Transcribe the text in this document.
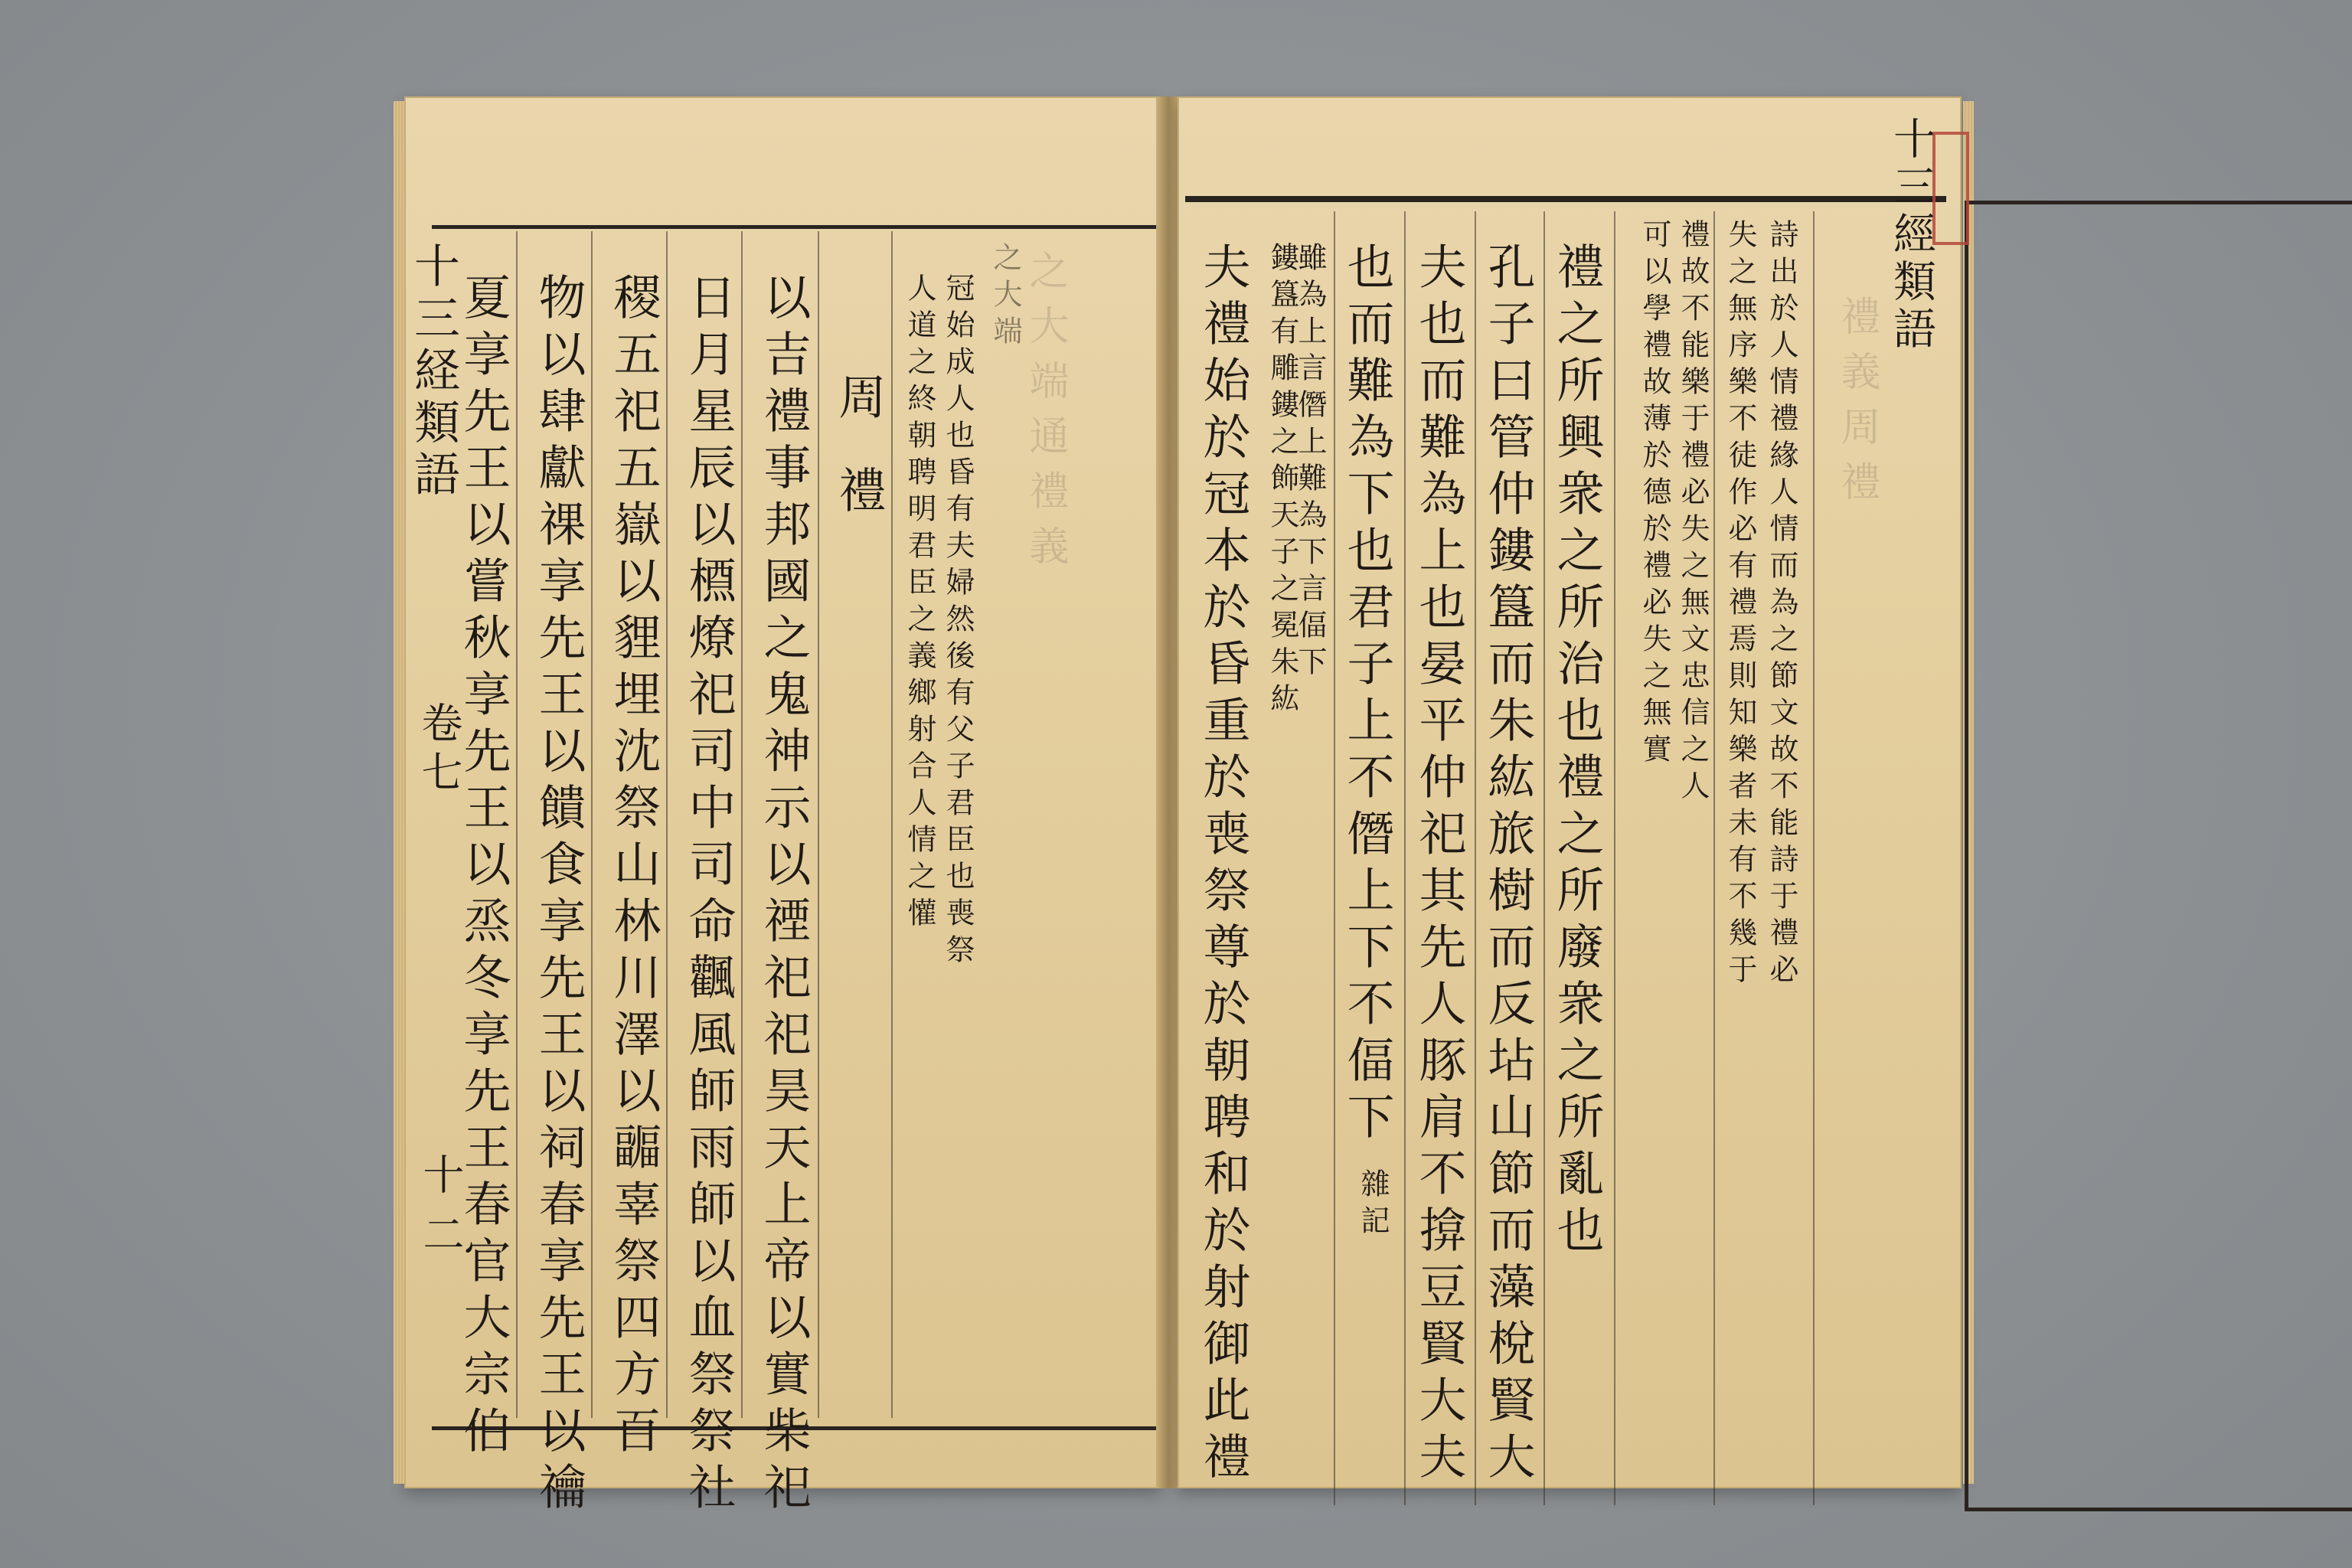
十三経類語
卷七
十二
夏享先王以嘗秋享先王以烝冬享先王春官大宗伯 物以肆獻祼享先王以饋食享先王以祠春享先王以禴 稷五祀五嶽以貍埋沈祭山林川澤以疈辜祭四方百 日月星辰以槱燎祀司中司命飌風師雨師以血祭祭社 以吉禮事邦國之鬼神示以禋祀祀昊天上帝以實柴祀 周禮 人道之終朝聘明君臣之義鄉射合人情之懽 冠始成人也昏有夫婦然後有父子君臣也喪祭 之大端 之大端通禮義	夫禮始於冠本於昏重於喪祭尊於朝聘和於射御此禮 鏤簋有雕鏤之飾天子之冕朱紘
雖為上言僭上難為下言偪下 也而難為下也君子上不僭上下不偪下
雜記 夫也而難為上也晏平仲祀其先人豚肩不揜豆賢大夫 孔子曰管仲鏤簋而朱紘旅樹而反坫山節而藻梲賢大 禮之所興衆之所治也禮之所廢衆之所亂也 可以學禮故薄於德於禮必失之無實 禮故不能樂于禮必失之無文忠信之人 失之無序樂不徒作必有禮焉則知樂者未有不幾于 詩出於人情禮緣人情而為之節文故不能詩于禮必 十三經類語
禮義周禮
